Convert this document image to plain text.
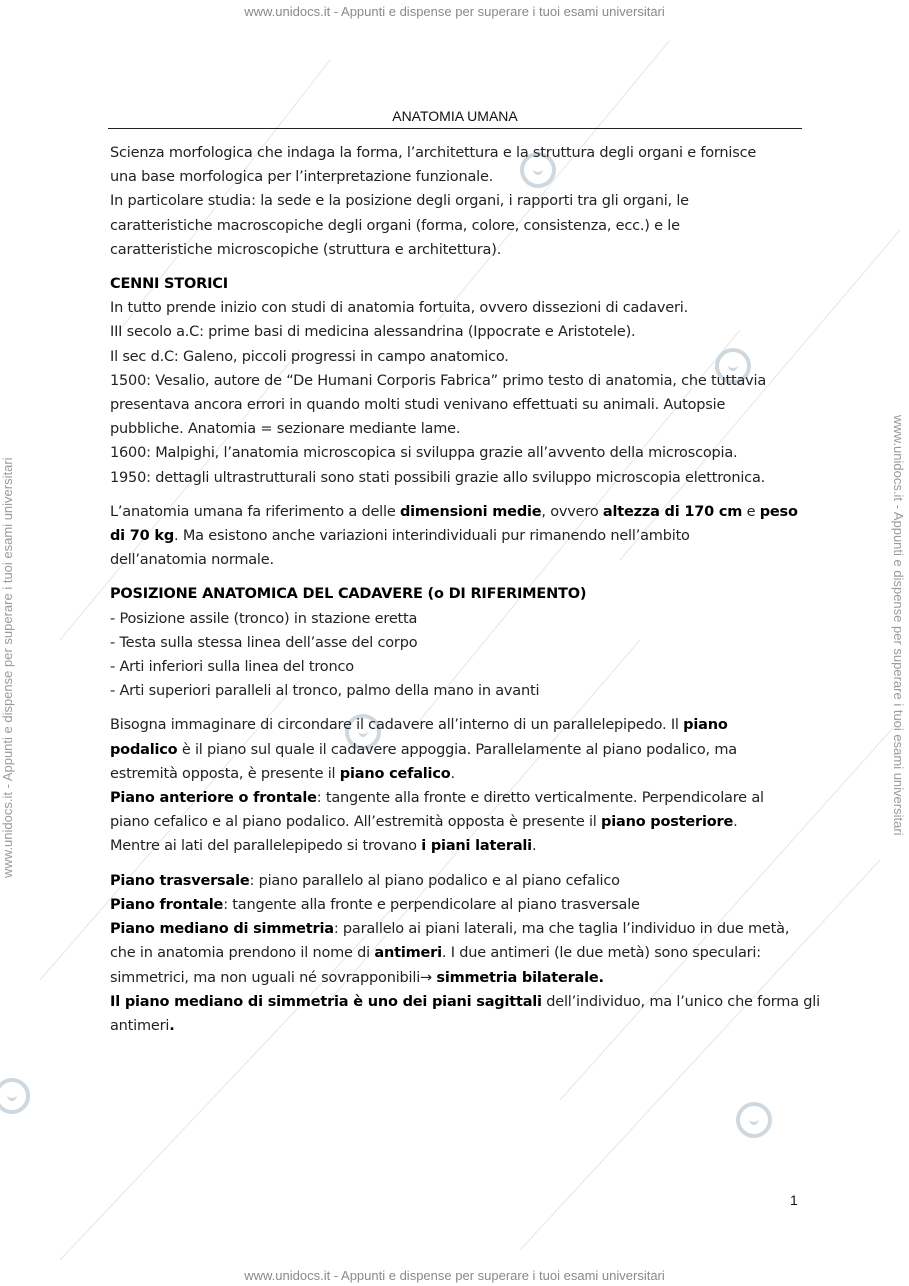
www.unidocs.it - Appunti e dispense per superare i tuoi esami universitari
www.unidocs.it - Appunti e dispense per superare i tuoi esami universitari
www.unidocs.it - Appunti e dispense per superare i tuoi esami universitari	www.unidocs.it - Appunti e dispense per superare i tuoi esami universitari
ANATOMIA UMANA

Scienza morfologica che indaga la forma, l’architettura e la struttura degli organi e fornisce
una base morfologica per l’interpretazione funzionale.
In particolare studia: la sede e la posizione degli organi, i rapporti tra gli organi, le
caratteristiche macroscopiche degli organi (forma, colore, consistenza, ecc.) e le
caratteristiche microscopiche (struttura e architettura).

CENNI STORICI
In tutto prende inizio con studi di anatomia fortuita, ovvero dissezioni di cadaveri.
III secolo a.C: prime basi di medicina alessandrina (Ippocrate e Aristotele).
Il sec d.C: Galeno, piccoli progressi in campo anatomico.
1500: Vesalio, autore de “De Humani Corporis Fabrica” primo testo di anatomia, che tuttavia
presentava ancora errori in quando molti studi venivano effettuati su animali. Autopsie
pubbliche. Anatomia = sezionare mediante lame.
1600: Malpighi, l’anatomia microscopica si sviluppa grazie all’avvento della microscopia.
1950: dettagli ultrastrutturali sono stati possibili grazie allo sviluppo microscopia elettronica.

L’anatomia umana fa riferimento a delle dimensioni medie, ovvero altezza di 170 cm e peso
di 70 kg. Ma esistono anche variazioni interindividuali pur rimanendo nell’ambito
dell’anatomia normale.

POSIZIONE ANATOMICA DEL CADAVERE (o DI RIFERIMENTO)
- Posizione assile (tronco) in stazione eretta
- Testa sulla stessa linea dell’asse del corpo
- Arti inferiori sulla linea del tronco
- Arti superiori paralleli al tronco, palmo della mano in avanti

Bisogna immaginare di circondare il cadavere all’interno di un parallelepipedo. Il piano
podalico è il piano sul quale il cadavere appoggia. Parallelamente al piano podalico, ma
estremità opposta, è presente il piano cefalico.
Piano anteriore o frontale: tangente alla fronte e diretto verticalmente. Perpendicolare al
piano cefalico e al piano podalico. All’estremità opposta è presente il piano posteriore.
Mentre ai lati del parallelepipedo si trovano i piani laterali.

Piano trasversale: piano parallelo al piano podalico e al piano cefalico
Piano frontale: tangente alla fronte e perpendicolare al piano trasversale
Piano mediano di simmetria: parallelo ai piani laterali, ma che taglia l’individuo in due metà,
che in anatomia prendono il nome di antimeri. I due antimeri (le due metà) sono speculari:
simmetrici, ma non uguali né sovrapponibili→ simmetria bilaterale.
Il piano mediano di simmetria è uno dei piani sagittali dell’individuo, ma l’unico che forma gli
antimeri.

1
